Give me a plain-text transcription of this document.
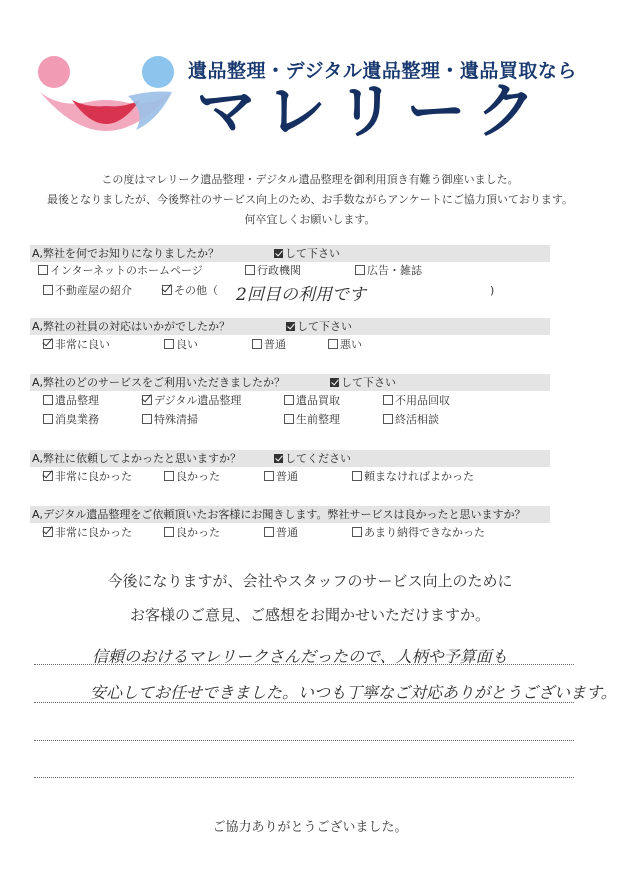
遺品整理・デジタル遺品整理・遺品買取なら
マレリーク
この度はマレリーク遺品整理・デジタル遺品整理を御利用頂き有難う御座いました。
最後となりましたが、今後弊社のサービス向上のため、お手数ながらアンケートにご協力頂いております。
何卒宜しくお願いします。
A,弊社を何でお知りになりましたか？	して下さい
インターネットのホームページ	行政機関	広告・雑誌
不動産屋の紹介	その他（ 2回目の利用です	)
A,弊社の社員の対応はいかがでしたか？	して下さい
非常に良い	良い	普通	悪い
A,弊社のどのサービスをご利用いただきましたか？	して下さい
遺品整理	デジタル遺品整理	遺品買取	不用品回収
消臭業務	特殊清掃	生前整理	終活相談
A,弊社に依頼してよかったと思いますか？	してください
非常に良かった	良かった	普通	頼まなければよかった
A,デジタル遺品整理をご依頼頂いたお客様にお聞きします。弊社サービスは良かったと思いますか？
非常に良かった	良かった	普通	あまり納得できなかった
今後になりますが、会社やスタッフのサービス向上のために
お客様のご意見、ご感想をお聞かせいただけますか。
信頼のおけるマレリークさんだったので、人柄や予算面も
安心してお任せできました。いつも丁寧なご対応ありがとうございます。
ご協力ありがとうございました。
